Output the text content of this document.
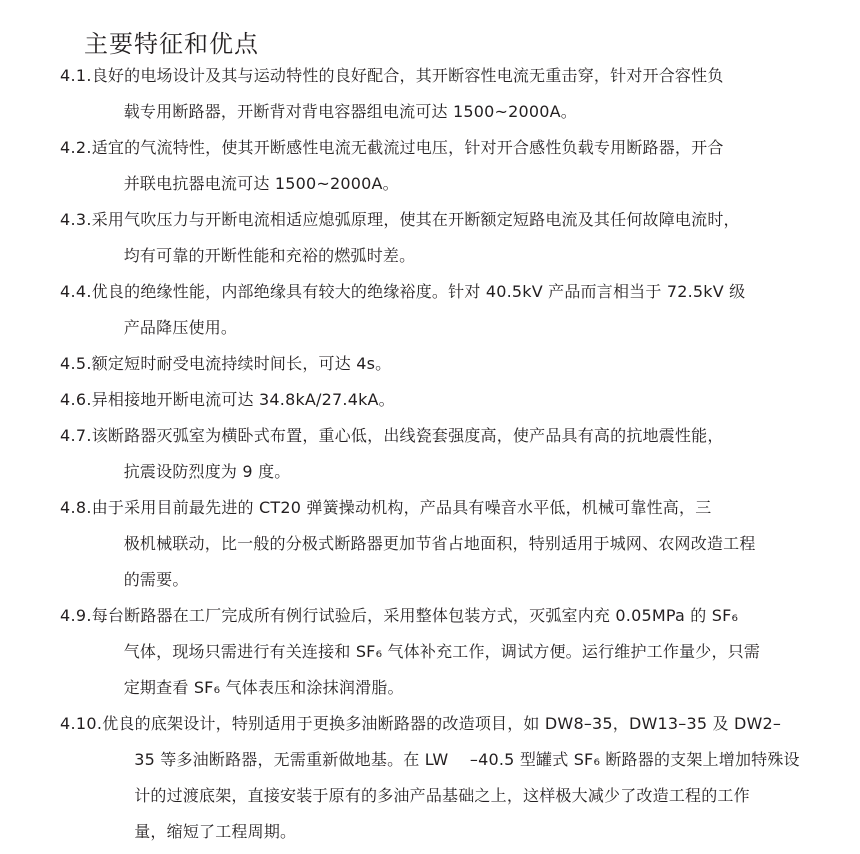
主要特征和优点
4.1. 良好的电场设计及其与运动特性的良好配合，其开断容性电流无重击穿，针对开合容性负
载专用断路器，开断背对背电容器组电流可达 1500~2000A。
4.2. 适宜的气流特性，使其开断感性电流无截流过电压，针对开合感性负载专用断路器，开合
并联电抗器电流可达 1500~2000A。
4.3. 采用气吹压力与开断电流相适应熄弧原理，使其在开断额定短路电流及其任何故障电流时，
均有可靠的开断性能和充裕的燃弧时差。
4.4. 优良的绝缘性能，内部绝缘具有较大的绝缘裕度。针对 40.5kV 产品而言相当于 72.5kV 级
产品降压使用。
4.5. 额定短时耐受电流持续时间长，可达 4s。
4.6. 异相接地开断电流可达 34.8kA/27.4kA。
4.7. 该断路器灭弧室为横卧式布置，重心低，出线瓷套强度高，使产品具有高的抗地震性能，
抗震设防烈度为 9 度。
4.8. 由于采用目前最先进的 CT20 弹簧操动机构，产品具有噪音水平低，机械可靠性高，三
极机械联动，比一般的分极式断路器更加节省占地面积，特别适用于城网、农网改造工程
的需要。
4.9. 每台断路器在工厂完成所有例行试验后，采用整体包装方式，灭弧室内充 0.05MPa 的 SF₆
气体，现场只需进行有关连接和 SF₆ 气体补充工作，调试方便。运行维护工作量少，只需
定期查看 SF₆ 气体表压和涂抹润滑脂。
4.10. 优良的底架设计，特别适用于更换多油断路器的改造项目，如 DW8–35，DW13–35 及 DW2–
35 等多油断路器，无需重新做地基。在 LW　 –40.5 型罐式 SF₆ 断路器的支架上增加特殊设
计的过渡底架，直接安装于原有的多油产品基础之上，这样极大减少了改造工程的工作
量，缩短了工程周期。
